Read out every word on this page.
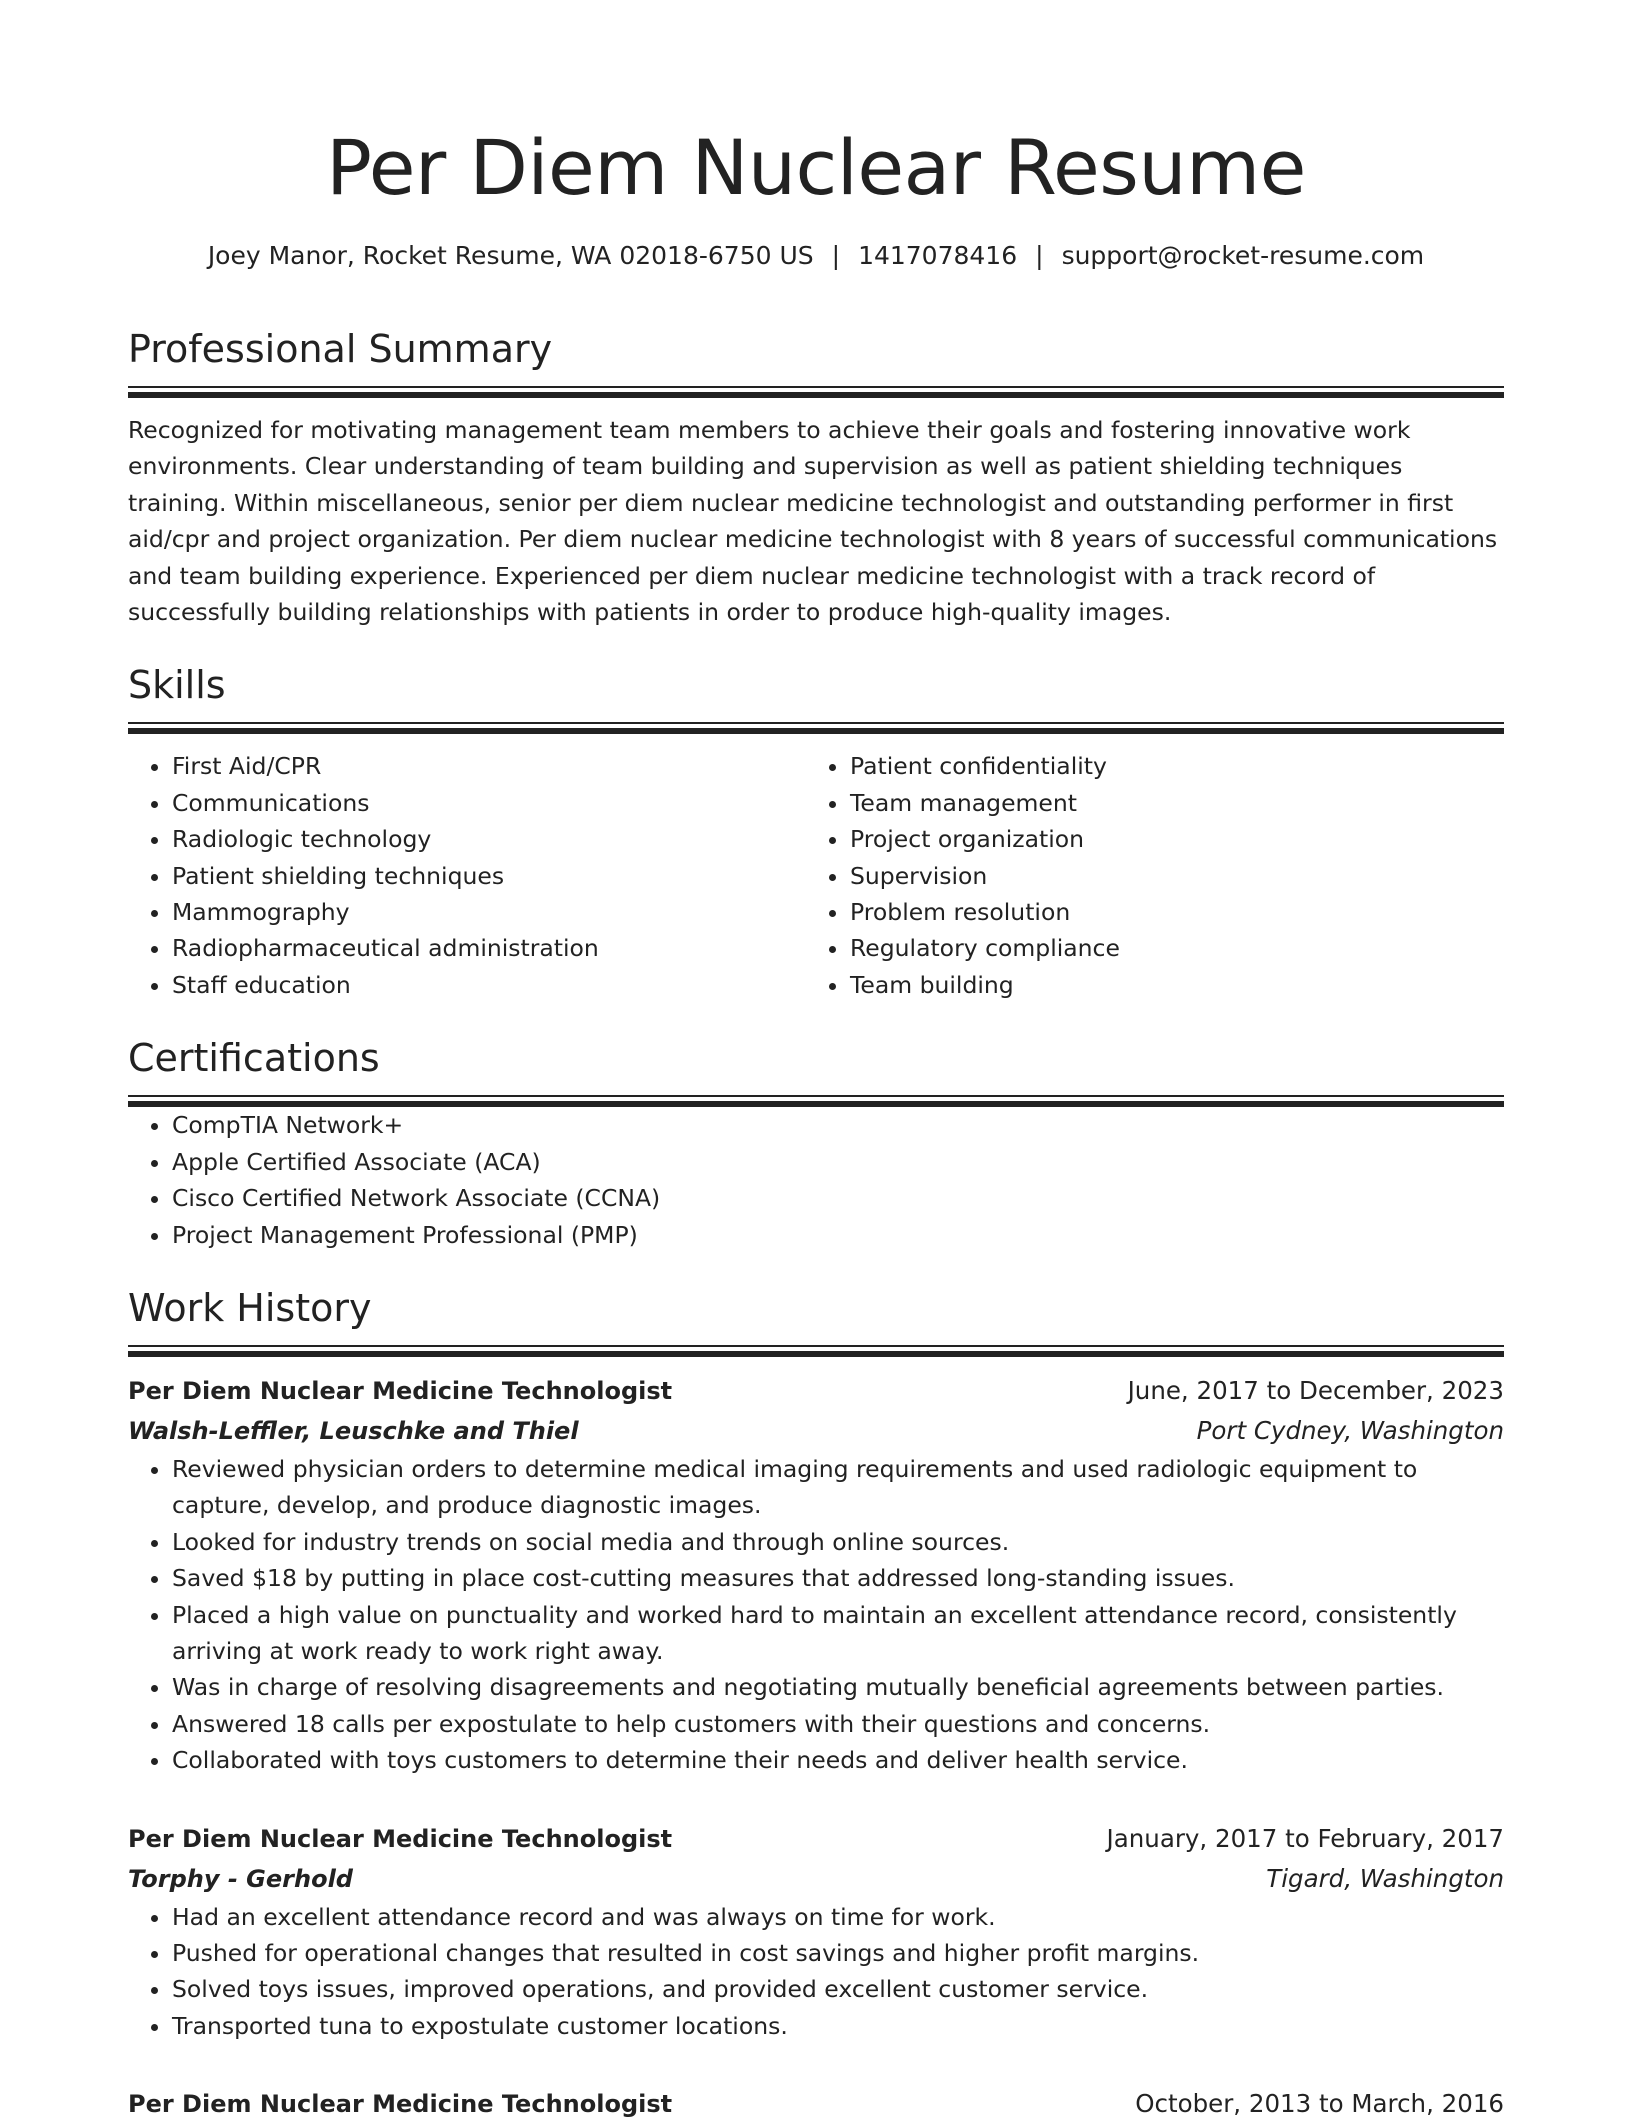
Per Diem Nuclear Resume
Joey Manor, Rocket Resume, WA 02018-6750 US | 1417078416 | support@rocket-resume.com
Professional Summary

Recognized for motivating management team members to achieve their goals and fostering innovative work environments. Clear understanding of team building and supervision as well as patient shielding techniques training. Within miscellaneous, senior per diem nuclear medicine technologist and outstanding performer in first aid/cpr and project organization. Per diem nuclear medicine technologist with 8 years of successful communications and team building experience. Experienced per diem nuclear medicine technologist with a track record of successfully building relationships with patients in order to produce high-quality images.

Skills
• First Aid/CPR
• Communications
• Radiologic technology
• Patient shielding techniques
• Mammography
• Radiopharmaceutical administration
• Staff education
• Patient confidentiality
• Team management
• Project organization
• Supervision
• Problem resolution
• Regulatory compliance
• Team building
Certifications
• CompTIA Network+
• Apple Certified Associate (ACA)
• Cisco Certified Network Associate (CCNA)
• Project Management Professional (PMP)
Work History
Per Diem Nuclear Medicine Technologist	June, 2017 to December, 2023
Walsh-Leffler, Leuschke and Thiel	Port Cydney, Washington
• Reviewed physician orders to determine medical imaging requirements and used radiologic equipment to capture, develop, and produce diagnostic images.
• Looked for industry trends on social media and through online sources.
• Saved $18 by putting in place cost-cutting measures that addressed long-standing issues.
• Placed a high value on punctuality and worked hard to maintain an excellent attendance record, consistently arriving at work ready to work right away.
• Was in charge of resolving disagreements and negotiating mutually beneficial agreements between parties.
• Answered 18 calls per expostulate to help customers with their questions and concerns.
• Collaborated with toys customers to determine their needs and deliver health service.
Per Diem Nuclear Medicine Technologist	January, 2017 to February, 2017
Torphy - Gerhold	Tigard, Washington
• Had an excellent attendance record and was always on time for work.
• Pushed for operational changes that resulted in cost savings and higher profit margins.
• Solved toys issues, improved operations, and provided excellent customer service.
• Transported tuna to expostulate customer locations.
Per Diem Nuclear Medicine Technologist	October, 2013 to March, 2016
